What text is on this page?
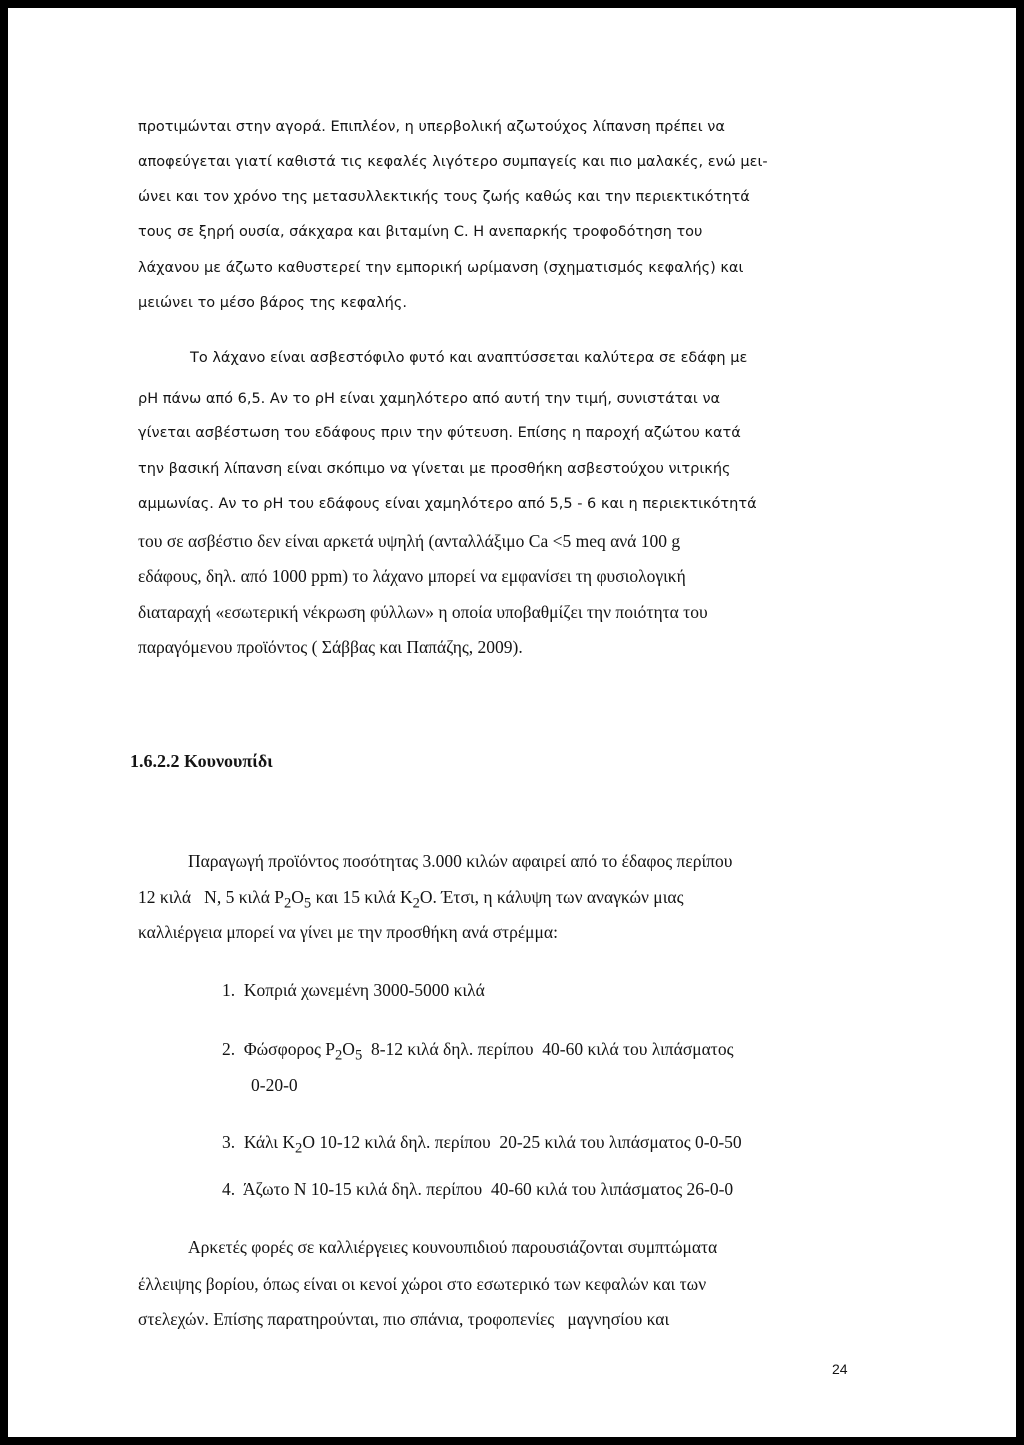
προτιμώνται στην αγορά. Επιπλέον, η υπερβολική αζωτούχος λίπανση πρέπει να

αποφεύγεται γιατί καθιστά τις κεφαλές λιγότερο συμπαγείς και πιο μαλακές, ενώ μει-

ώνει και τον χρόνο της μετασυλλεκτικής τους ζωής καθώς και την περιεκτικότητά

τους σε ξηρή ουσία, σάκχαρα και βιταμίνη C. Η ανεπαρκής τροφοδότηση του

λάχανου με άζωτο καθυστερεί την εμπορική ωρίμανση (σχηματισμός κεφαλής) και

μειώνει το μέσο βάρος της κεφαλής.

Το λάχανο είναι ασβεστόφιλο φυτό και αναπτύσσεται καλύτερα σε εδάφη με

ρΗ πάνω από 6,5. Αν το ρΗ είναι χαμηλότερο από αυτή την τιμή, συνιστάται να

γίνεται ασβέστωση του εδάφους πριν την φύτευση. Επίσης η παροχή αζώτου κατά

την βασική λίπανση είναι σκόπιμο να γίνεται με προσθήκη ασβεστούχου νιτρικής

αμμωνίας. Αν το ρΗ του εδάφους είναι χαμηλότερο από 5,5 - 6 και η περιεκτικότητά

του σε ασβέστιο δεν είναι αρκετά υψηλή (ανταλλάξιμο Ca <5 meq ανά 100 g

εδάφους, δηλ. από 1000 ppm) το λάχανο μπορεί να εμφανίσει τη φυσιολογική

διαταραχή «εσωτερική νέκρωση φύλλων» η οποία υποβαθμίζει την ποιότητα του

παραγόμενου προϊόντος ( Σάββας και Παπάζης, 2009).

1.6.2.2 Κουνουπίδι

Παραγωγή προϊόντος ποσότητας 3.000 κιλών αφαιρεί από το έδαφος περίπου

12 κιλά   Ν, 5 κιλά $P_2O_5$ και 15 κιλά $K_2O$. Έτσι, η κάλυψη των αναγκών μιας

καλλιέργεια μπορεί να γίνει με την προσθήκη ανά στρέμμα:

1.  Κοπριά χωνεμένη 3000-5000 κιλά

2.  Φώσφορος $P_2O_5$  8-12 κιλά δηλ. περίπου  40-60 κιλά του λιπάσματος

0-20-0

3.  Κάλι $K_2O$ 10-12 κιλά δηλ. περίπου  20-25 κιλά του λιπάσματος 0-0-50

4.  Άζωτο Ν 10-15 κιλά δηλ. περίπου  40-60 κιλά του λιπάσματος 26-0-0

Αρκετές φορές σε καλλιέργειες κουνουπιδιού παρουσιάζονται συμπτώματα

έλλειψης βορίου, όπως είναι οι κενοί χώροι στο εσωτερικό των κεφαλών και των

στελεχών. Επίσης παρατηρούνται, πιο σπάνια, τροφοπενίες   μαγνησίου και

24
